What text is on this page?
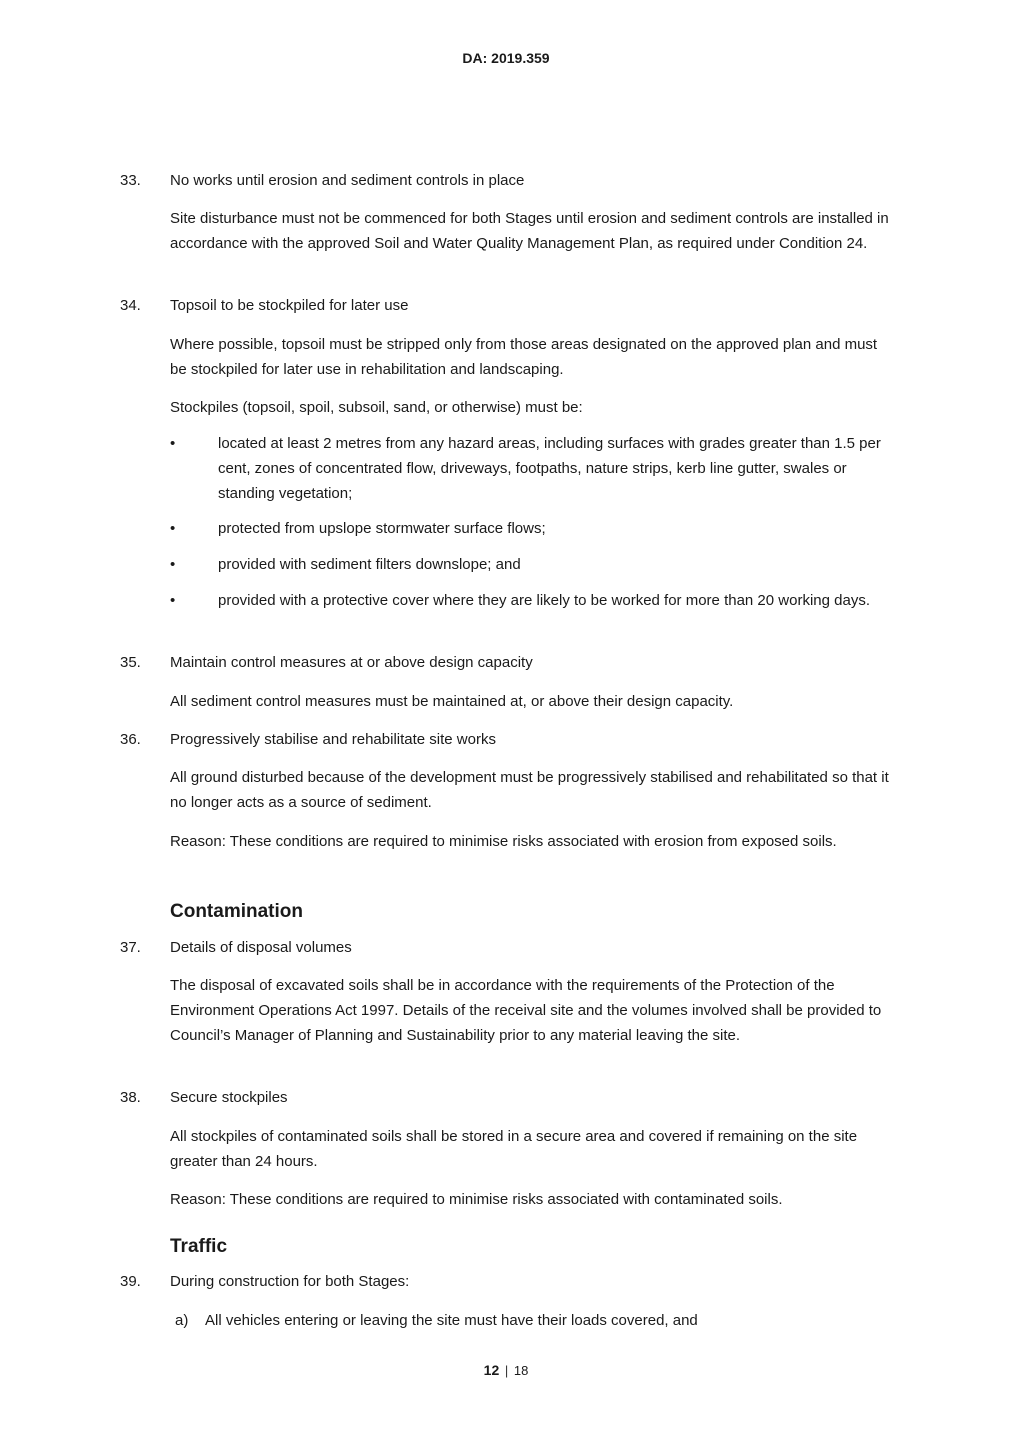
DA: 2019.359
33. No works until erosion and sediment controls in place
Site disturbance must not be commenced for both Stages until erosion and sediment controls are installed in accordance with the approved Soil and Water Quality Management Plan, as required under Condition 24.
34. Topsoil to be stockpiled for later use
Where possible, topsoil must be stripped only from those areas designated on the approved plan and must be stockpiled for later use in rehabilitation and landscaping.
Stockpiles (topsoil, spoil, subsoil, sand, or otherwise) must be:
•	located at least 2 metres from any hazard areas, including surfaces with grades greater than 1.5 per cent, zones of concentrated flow, driveways, footpaths, nature strips, kerb line gutter, swales or standing vegetation;
•	protected from upslope stormwater surface flows;
•	provided with sediment filters downslope; and
•	provided with a protective cover where they are likely to be worked for more than 20 working days.
35. Maintain control measures at or above design capacity
All sediment control measures must be maintained at, or above their design capacity.
36. Progressively stabilise and rehabilitate site works
All ground disturbed because of the development must be progressively stabilised and rehabilitated so that it no longer acts as a source of sediment.
Reason: These conditions are required to minimise risks associated with erosion from exposed soils.
Contamination
37. Details of disposal volumes
The disposal of excavated soils shall be in accordance with the requirements of the Protection of the Environment Operations Act 1997. Details of the receival site and the volumes involved shall be provided to Council’s Manager of Planning and Sustainability prior to any material leaving the site.
38. Secure stockpiles
All stockpiles of contaminated soils shall be stored in a secure area and covered if remaining on the site greater than 24 hours.
Reason: These conditions are required to minimise risks associated with contaminated soils.
Traffic
39. During construction for both Stages:
a) All vehicles entering or leaving the site must have their loads covered, and
12 | 18
